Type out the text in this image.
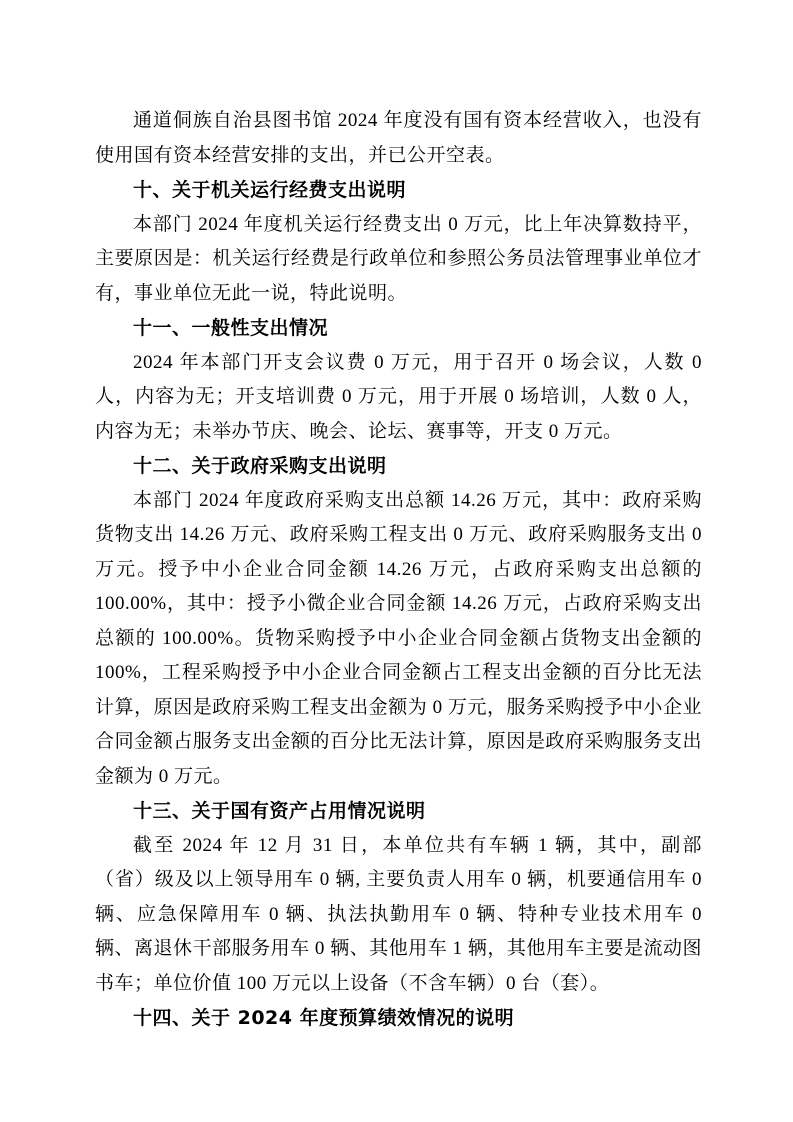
通道侗族自治县图书馆 2024 年度没有国有资本经营收入，也没有使用国有资本经营安排的支出，并已公开空表。

十、关于机关运行经费支出说明

本部门 2024 年度机关运行经费支出 0 万元，比上年决算数持平，主要原因是：机关运行经费是行政单位和参照公务员法管理事业单位才有，事业单位无此一说，特此说明。

十一、一般性支出情况

2024 年本部门开支会议费 0 万元，用于召开 0 场会议，人数 0 人，内容为无；开支培训费 0 万元，用于开展 0 场培训，人数 0 人，内容为无；未举办节庆、晚会、论坛、赛事等，开支 0 万元。

十二、关于政府采购支出说明

本部门 2024 年度政府采购支出总额 14.26 万元，其中：政府采购货物支出 14.26 万元、政府采购工程支出 0 万元、政府采购服务支出 0 万元。授予中小企业合同金额 14.26 万元，占政府采购支出总额的 100.00%，其中：授予小微企业合同金额 14.26 万元，占政府采购支出总额的 100.00%。货物采购授予中小企业合同金额占货物支出金额的 100%，工程采购授予中小企业合同金额占工程支出金额的百分比无法计算，原因是政府采购工程支出金额为 0 万元，服务采购授予中小企业合同金额占服务支出金额的百分比无法计算，原因是政府采购服务支出金额为 0 万元。

十三、关于国有资产占用情况说明

截至 2024 年 12 月 31 日，本单位共有车辆 1 辆，其中，副部（省）级及以上领导用车 0 辆, 主要负责人用车 0 辆，机要通信用车 0 辆、应急保障用车 0 辆、执法执勤用车 0 辆、特种专业技术用车 0 辆、离退休干部服务用车 0 辆、其他用车 1 辆，其他用车主要是流动图书车；单位价值 100 万元以上设备（不含车辆）0 台（套）。

十四、关于 2024 年度预算绩效情况的说明
